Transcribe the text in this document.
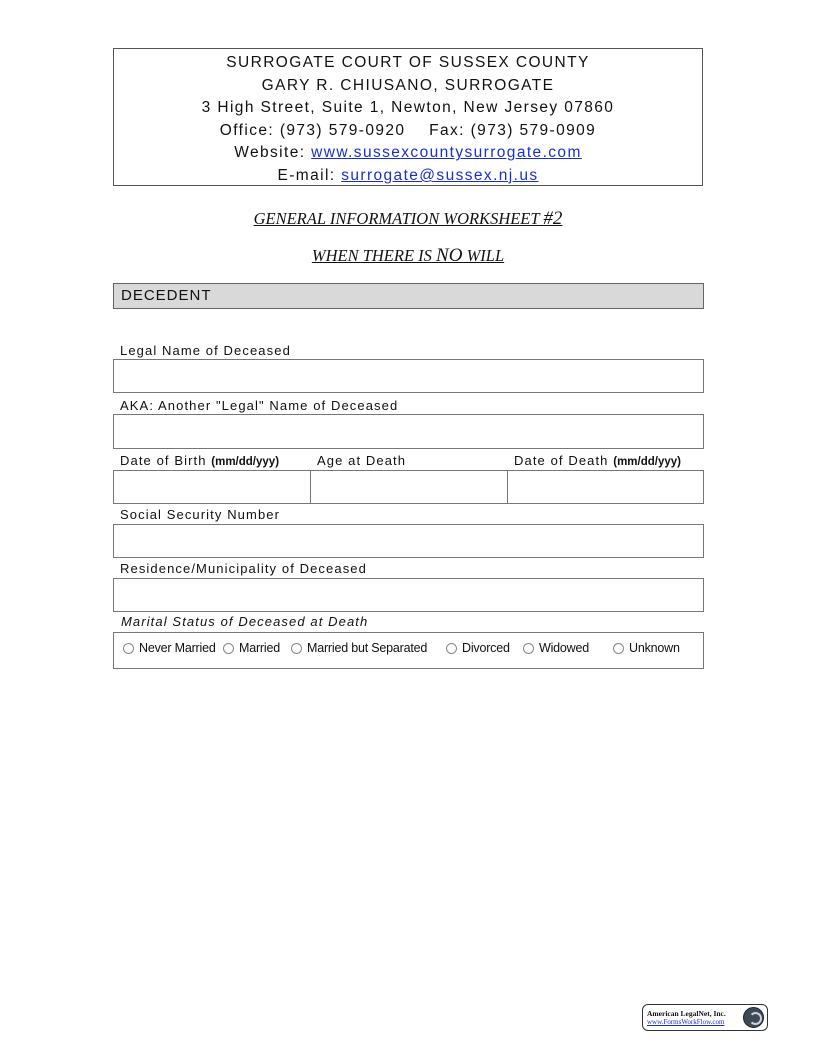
SURROGATE COURT OF SUSSEX COUNTY
GARY R. CHIUSANO, SURROGATE
3 High Street, Suite 1, Newton, New Jersey 07860
Office: (973) 579-0920 Fax: (973) 579-0909
Website: www.sussexcountysurrogate.com
E-mail: surrogate@sussex.nj.us
GENERAL INFORMATION WORKSHEET #2
WHEN THERE IS NO WILL
DECEDENT
Legal Name of Deceased
AKA: Another "Legal" Name of Deceased
Date of Birth (mm/dd/yyy)	Age at Death	Date of Death (mm/dd/yyy)
Social Security Number
Residence/Municipality of Deceased
Marital Status of Deceased at Death
Never Married Married Married but Separated	Divorced Widowed	Unknown
American LegalNet, Inc.
www.FormsWorkFlow.com
